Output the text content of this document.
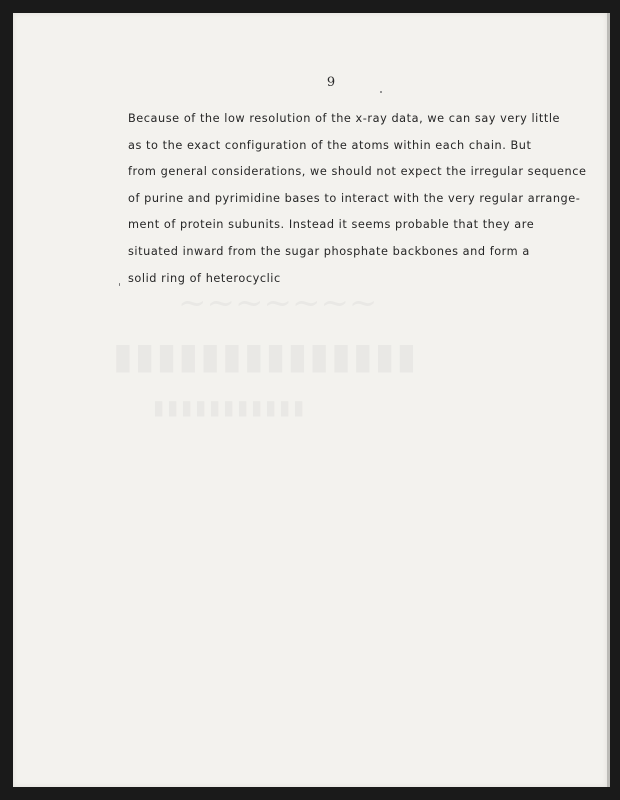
~~~~~~~
▮▮▮▮▮▮▮▮▮▮▮▮▮▮
▮▮▮▮▮▮▮▮▮▮▮
9
Because of the low resolution of the x-ray data, we can say very little
as to the exact configuration of the atoms within each chain. But
from general considerations, we should not expect the irregular sequence
of purine and pyrimidine bases to interact with the very regular arrange-
ment of protein subunits. Instead it seems probable that they are
situated inward from the sugar phosphate backbones and form a
solid ring of heterocyclic
